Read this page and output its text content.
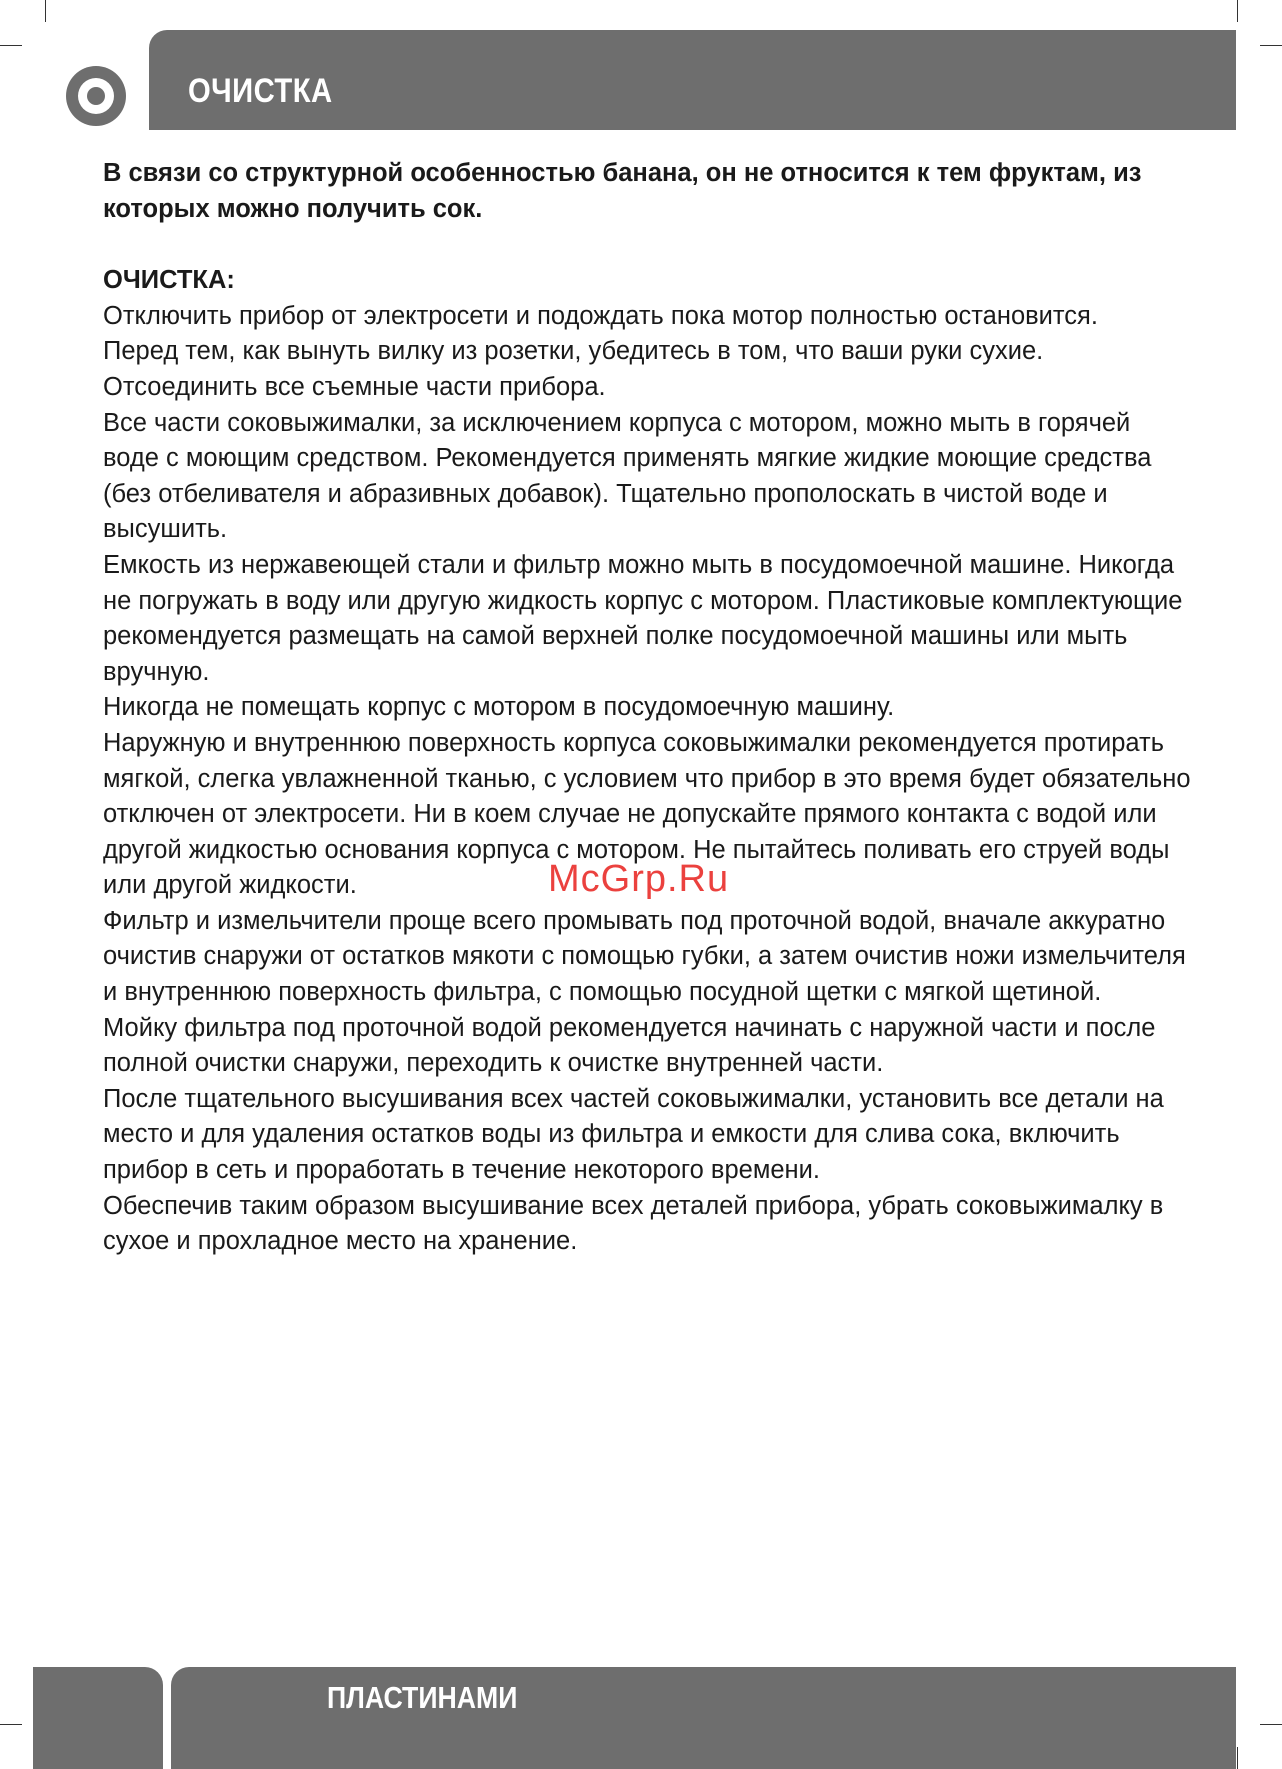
ОЧИСТКА

В связи со структурной особенностью банана, он не относится к тем фруктам, из которых можно получить сок.

ОЧИСТКА:

Отключить прибор от электросети и подождать пока мотор полностью остановится.

Перед тем, как вынуть вилку из розетки, убедитесь в том, что ваши руки сухие.

Отсоединить все съемные части прибора.

Все части соковыжималки, за исключением корпуса с мотором, можно мыть в горячей воде с моющим средством. Рекомендуется применять мягкие жидкие моющие средства (без отбеливателя и абразивных добавок). Тщательно прополоскать в чистой воде и высушить.

Емкость из нержавеющей стали и фильтр можно мыть в посудомоечной машине. Никогда не погружать в воду или другую жидкость корпус с мотором. Пластиковые комплектующие рекомендуется размещать на самой верхней полке посудомоечной машины или мыть вручную.

Никогда не помещать корпус с мотором в посудомоечную машину.

Наружную и внутреннюю поверхность корпуса соковыжималки рекомендуется протирать мягкой, слегка увлажненной тканью, с условием что прибор в это время будет обязательно отключен от электросети. Ни в коем случае не допускайте прямого контакта с водой или другой жидкостью основания корпуса с мотором. Не пытайтесь поливать его струей воды или другой жидкости.

Фильтр и измельчители проще всего промывать под проточной водой, вначале аккуратно очистив снаружи от остатков мякоти с помощью губки, а затем очистив ножи измельчителя и внутреннюю поверхность фильтра, с помощью посудной щетки с мягкой щетиной.

Мойку фильтра под проточной водой рекомендуется начинать с наружной части и после полной очистки снаружи, переходить к очистке внутренней части.

После тщательного высушивания всех частей соковыжималки, установить все детали на место и для удаления остатков воды из фильтра и емкости для слива сока, включить прибор в сеть и проработать в течение некоторого времени.

Обеспечив таким образом высушивание всех деталей прибора, убрать соковыжималку в сухое и прохладное место на хранение.

McGrp.Ru
ПЛАСТИНАМИ
